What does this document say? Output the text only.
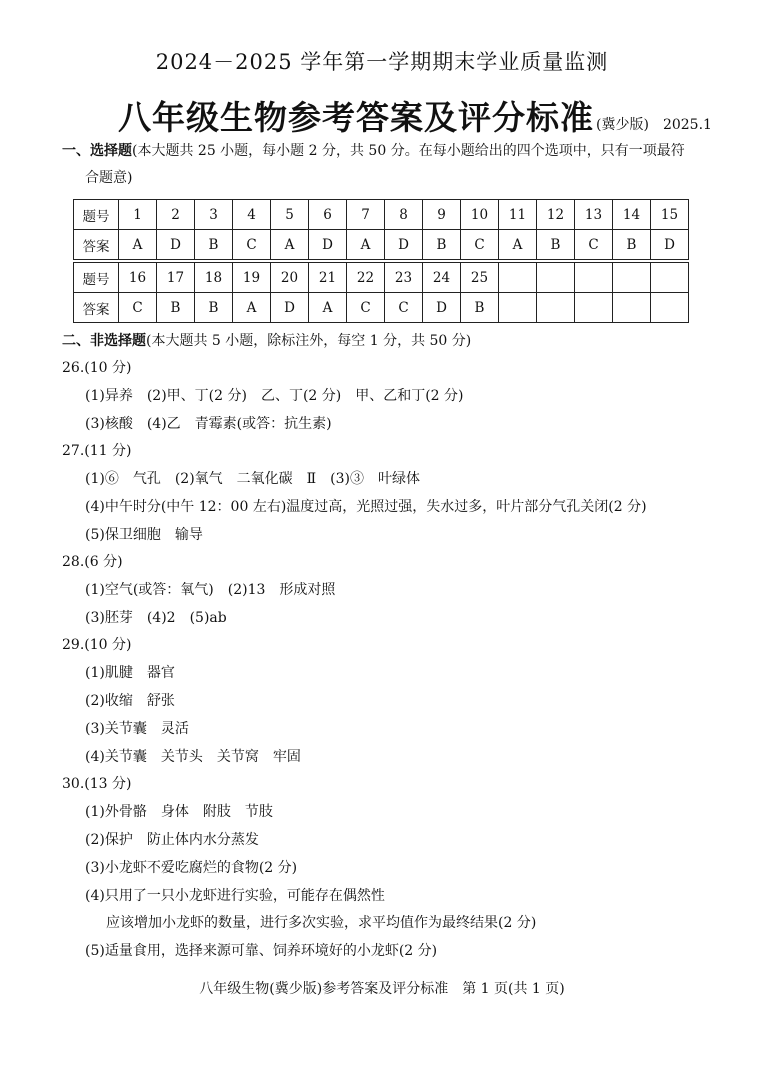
2024－2025 学年第一学期期末学业质量监测
八年级生物参考答案及评分标准 (冀少版) 2025.1
一、选择题(本大题共 25 小题，每小题 2 分，共 50 分。在每小题给出的四个选项中，只有一项最符
合题意)
题号	1	2	3	4	5	6	7	8	9	10	11	12	13	14	15
答案	A	D	B	C	A	D	A	D	B	C	A	B	C	B	D

题号	16	17	18	19	20	21	22	23	24	25					
答案	C	B	B	A	D	A	C	C	D	B					
二、非选择题(本大题共 5 小题，除标注外，每空 1 分，共 50 分)
26.(10 分)
(1)异养　(2)甲、丁(2 分)　乙、丁(2 分)　甲、乙和丁(2 分)
(3)核酸　(4)乙　青霉素(或答：抗生素)
27.(11 分)
(1)⑥　气孔　(2)氧气　二氧化碳　Ⅱ　(3)③　叶绿体
(4)中午时分(中午 12：00 左右)温度过高，光照过强，失水过多，叶片部分气孔关闭(2 分)
(5)保卫细胞　输导
28.(6 分)
(1)空气(或答：氧气)　(2)13　形成对照
(3)胚芽　(4)2　(5)ab
29.(10 分)
(1)肌腱　器官
(2)收缩　舒张
(3)关节囊　灵活
(4)关节囊　关节头　关节窝　牢固
30.(13 分)
(1)外骨骼　身体　附肢　节肢
(2)保护　防止体内水分蒸发
(3)小龙虾不爱吃腐烂的食物(2 分)
(4)只用了一只小龙虾进行实验，可能存在偶然性
应该增加小龙虾的数量，进行多次实验，求平均值作为最终结果(2 分)
(5)适量食用，选择来源可靠、饲养环境好的小龙虾(2 分)
八年级生物(冀少版)参考答案及评分标准　第 1 页(共 1 页)
